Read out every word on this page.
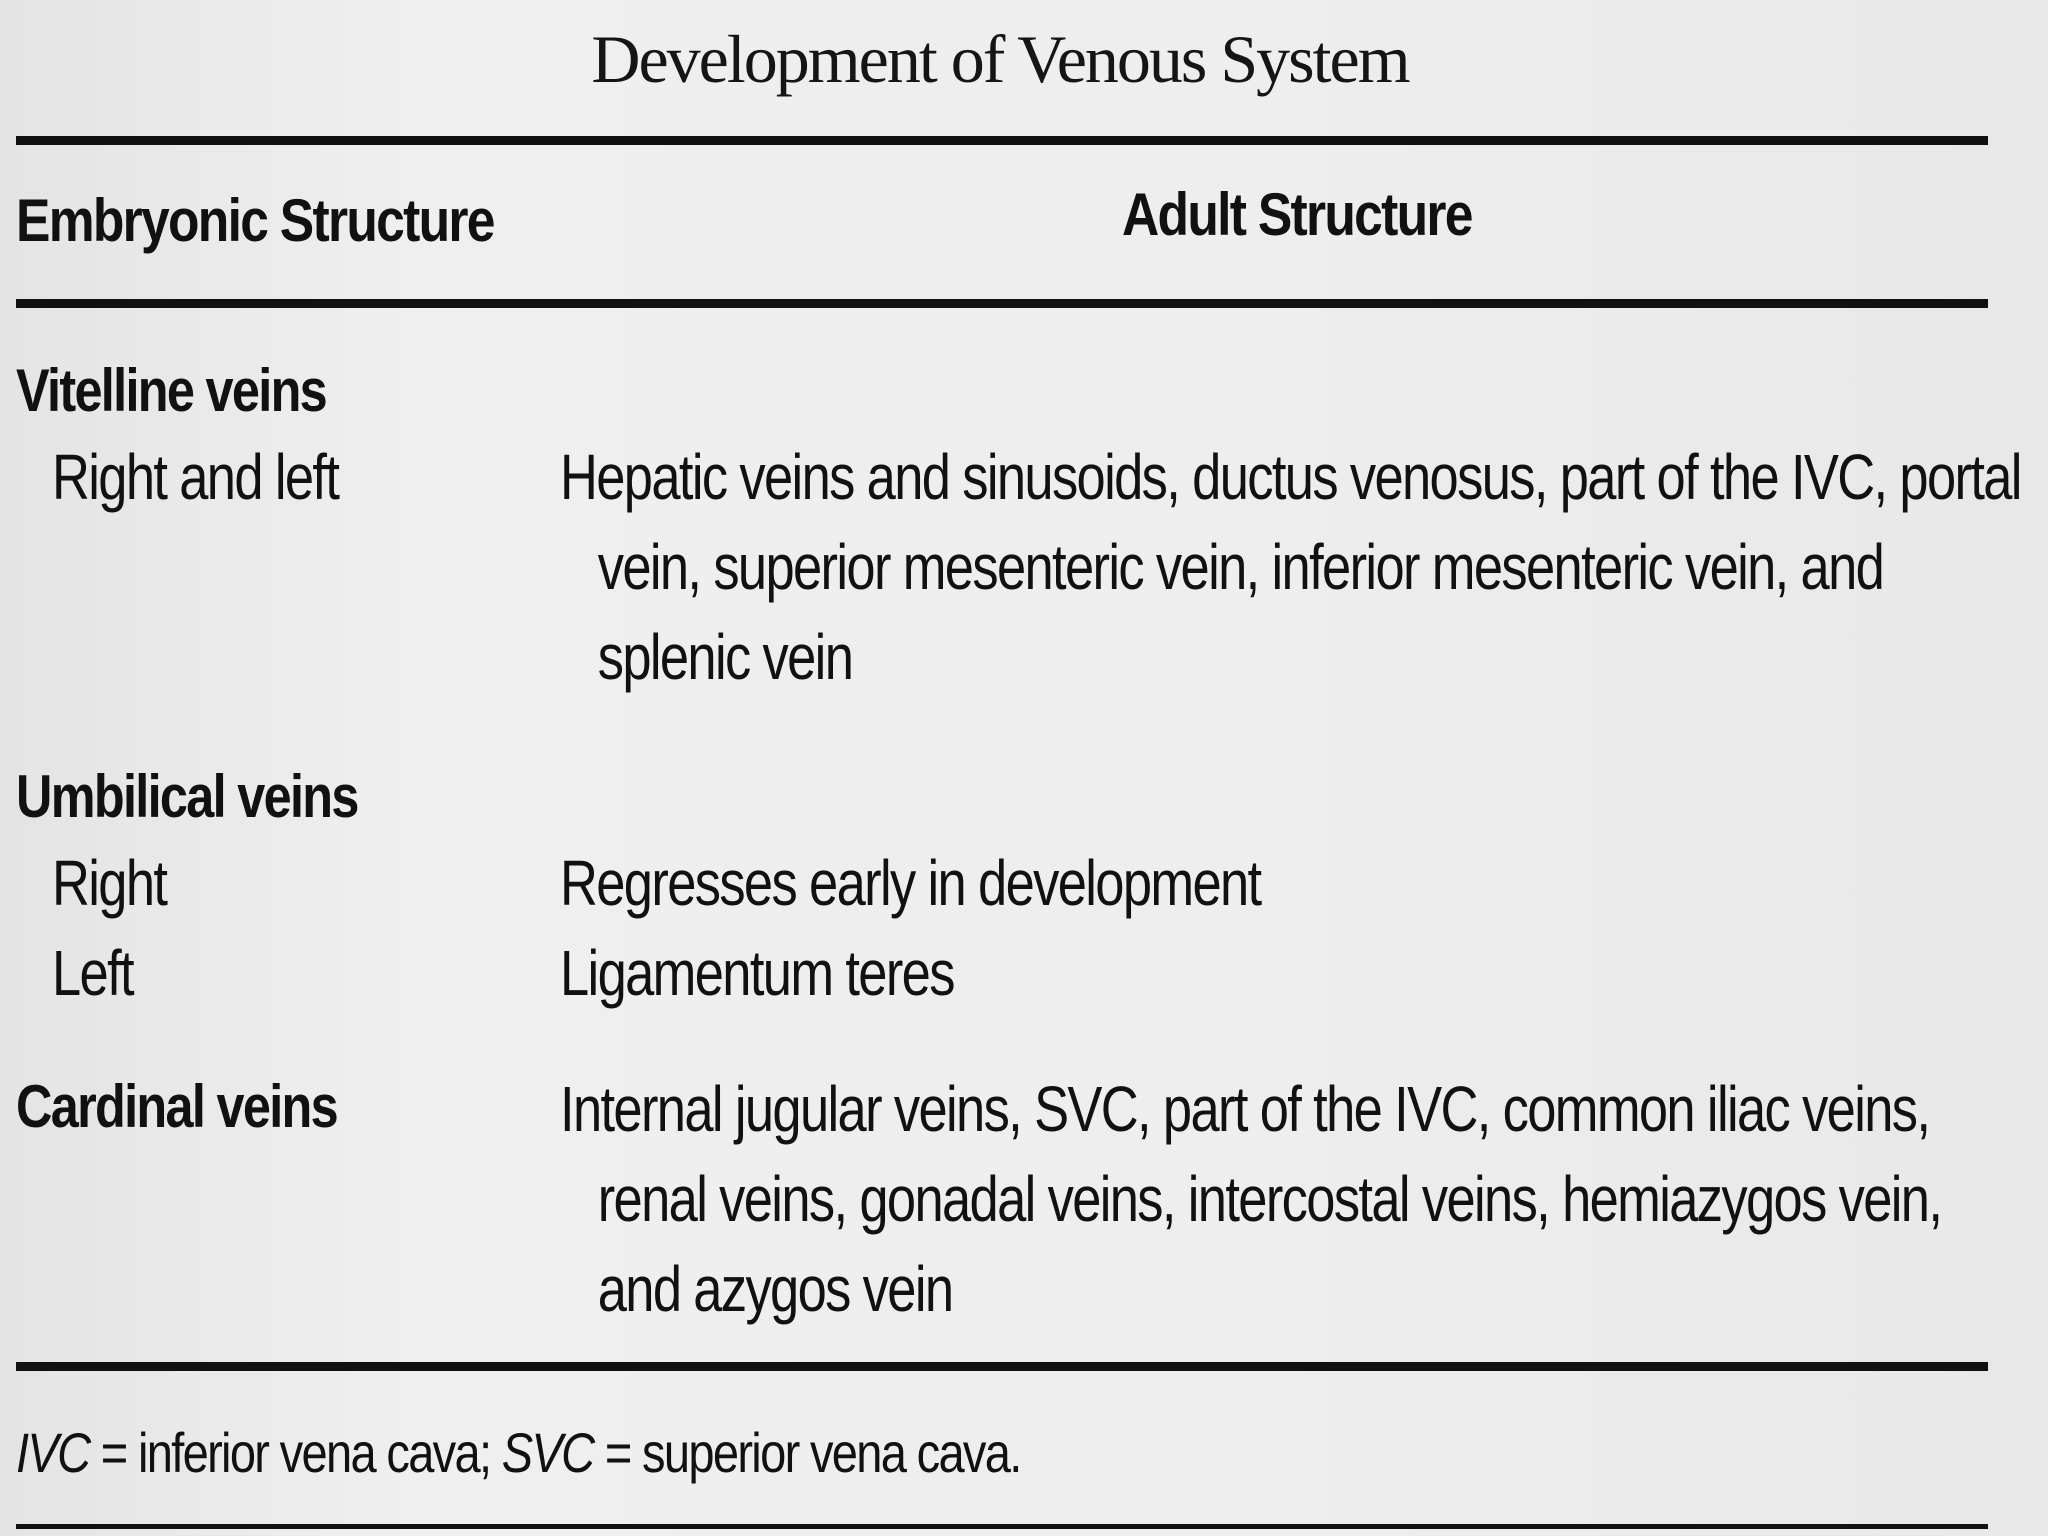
Development of Venous System
Embryonic Structure	Adult Structure
Vitelline veins
Right and left	Hepatic veins and sinusoids, ductus venosus, part of the IVC, portal vein, superior mesenteric vein, inferior mesenteric vein, and splenic vein
Umbilical veins
Right	Regresses early in development
Left	Ligamentum teres
Cardinal veins	Internal jugular veins, SVC, part of the IVC, common iliac veins, renal veins, gonadal veins, intercostal veins, hemiazygos vein, and azygos vein
IVC = inferior vena cava; SVC = superior vena cava.
